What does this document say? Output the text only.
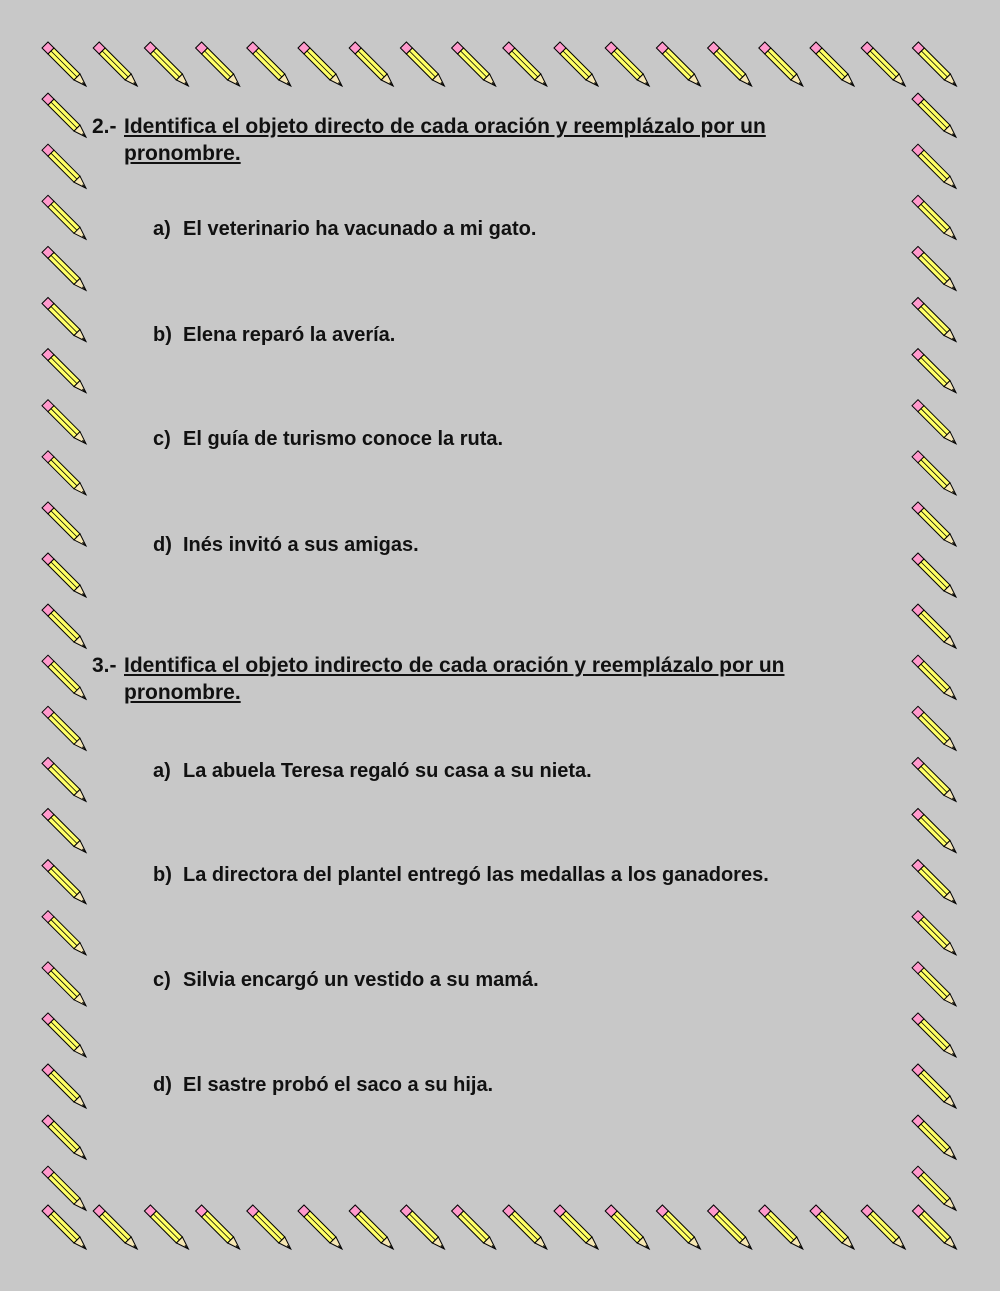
2.- Identifica el objeto directo de cada oración y reemplázalo por un pronombre.
a) El veterinario ha vacunado a mi gato.
b) Elena reparó la avería.
c) El guía de turismo conoce la ruta.
d) Inés invitó a sus amigas.
3.- Identifica el objeto indirecto de cada oración y reemplázalo por un pronombre.
a) La abuela Teresa regaló su casa a su nieta.
b) La directora del plantel entregó las medallas a los ganadores.
c) Silvia encargó un vestido a su mamá.
d) El sastre probó el saco a su hija.
